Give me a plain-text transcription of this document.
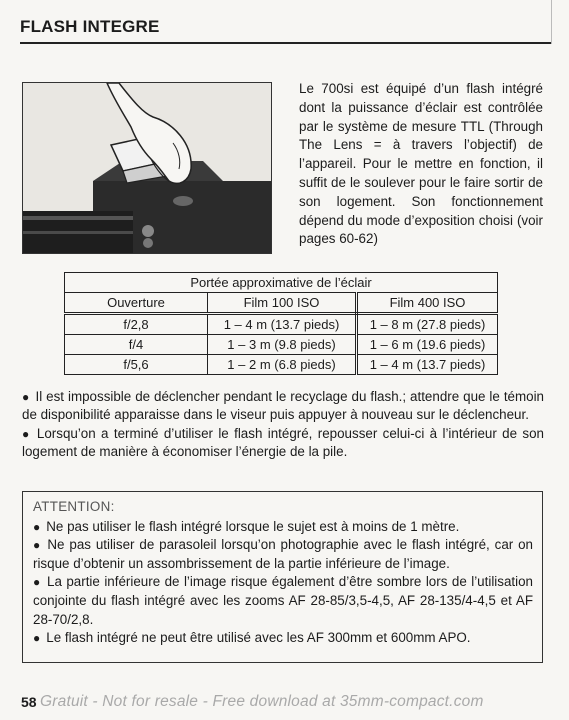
FLASH INTEGRE
Le 700si est équipé d’un flash intégré dont la puissance d’éclair est contrôlée par le système de mesure TTL (Through The Lens = à travers l’objectif) de l’appareil. Pour le mettre en fonction, il suffit de le soulever pour le faire sortir de son logement. Son fonctionnement dépend du mode d’exposition choisi (voir pages 60-62)
Portée approximative de l’éclair		
Ouverture	Film 100 ISO	Film 400 ISO
f/2,8	1 – 4 m (13.7 pieds)	1 – 8 m (27.8 pieds)
f/4	1 – 3 m (9.8 pieds)	1 – 6 m (19.6 pieds)
f/5,6	1 – 2 m (6.8 pieds)	1 – 4 m (13.7 pieds)

● Il est impossible de déclencher pendant le recyclage du flash.; attendre que le témoin de disponibilité apparaisse dans le viseur puis appuyer à nouveau sur le déclencheur.

● Lorsqu’on a terminé d’utiliser le flash intégré, repousser celui-ci à l’intérieur de son logement de manière à économiser l’énergie de la pile.

ATTENTION:

● Ne pas utiliser le flash intégré lorsque le sujet est à moins de 1 mètre.

● Ne pas utiliser de parasoleil lorsqu’on photographie avec le flash intégré, car on risque d’obtenir un assombrissement de la partie inférieure de l’image.

● La partie inférieure de l’image risque également d’être sombre lors de l’utilisation conjointe du flash intégré avec les zooms AF 28-85/3,5-4,5, AF 28-135/4-4,5 et AF 28-70/2,8.

● Le flash intégré ne peut être utilisé avec les AF 300mm et 600mm APO.

58 Gratuit - Not for resale - Free download at 35mm-compact.com
